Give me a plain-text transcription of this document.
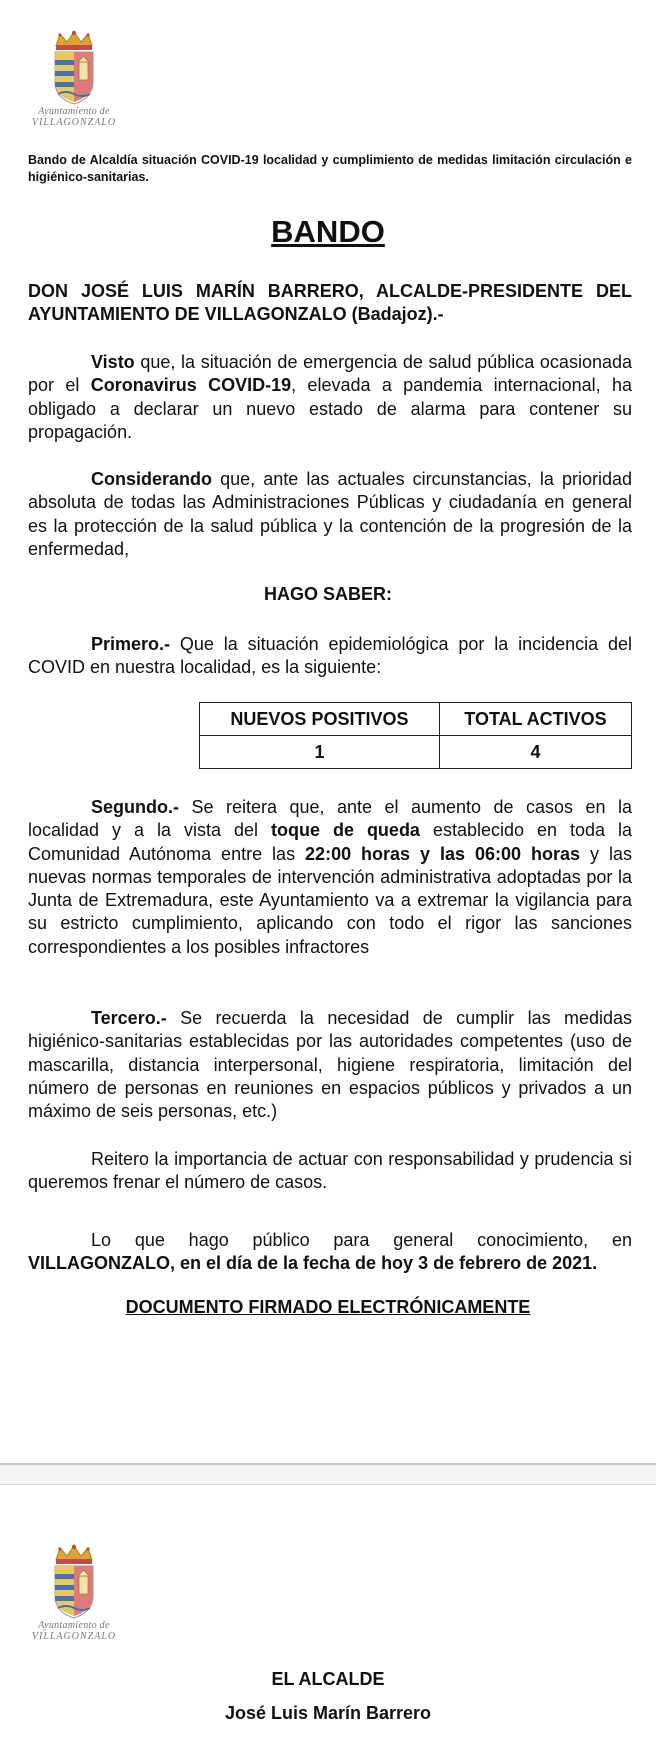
Ayuntamiento de
VILLAGONZALO
Bando de Alcaldía situación COVID-19 localidad y cumplimiento de medidas limitación circulación e higiénico-sanitarias.
BANDO
DON JOSÉ LUIS MARÍN BARRERO, ALCALDE-PRESIDENTE DEL AYUNTAMIENTO DE VILLAGONZALO (Badajoz).-
Visto que, la situación de emergencia de salud pública ocasionada por el Coronavirus COVID-19, elevada a pandemia internacional, ha obligado a declarar un nuevo estado de alarma para contener su propagación.
Considerando que, ante las actuales circunstancias, la prioridad absoluta de todas las Administraciones Públicas y ciudadanía en general es la protección de la salud pública y la contención de la progresión de la enfermedad,
HAGO SABER:
Primero.- Que la situación epidemiológica por la incidencia del COVID en nuestra localidad, es la siguiente:
NUEVOS POSITIVOS	TOTAL ACTIVOS
1	4
Segundo.- Se reitera que, ante el aumento de casos en la localidad y a la vista del toque de queda establecido en toda la Comunidad Autónoma entre las 22:00 horas y las 06:00 horas y las nuevas normas temporales de intervención administrativa adoptadas por la Junta de Extremadura, este Ayuntamiento va a extremar la vigilancia para su estricto cumplimiento, aplicando con todo el rigor las sanciones correspondientes a los posibles infractores
Tercero.- Se recuerda la necesidad de cumplir las medidas higiénico-sanitarias establecidas por las autoridades competentes (uso de mascarilla, distancia interpersonal, higiene respiratoria, limitación del número de personas en reuniones en espacios públicos y privados a un máximo de seis personas, etc.)
Reitero la importancia de actuar con responsabilidad y prudencia si queremos frenar el número de casos.
Lo que hago público para general conocimiento, en VILLAGONZALO, en el día de la fecha de hoy 3 de febrero de 2021.
DOCUMENTO FIRMADO ELECTRÓNICAMENTE
Ayuntamiento de
VILLAGONZALO
EL ALCALDE
José Luis Marín Barrero
